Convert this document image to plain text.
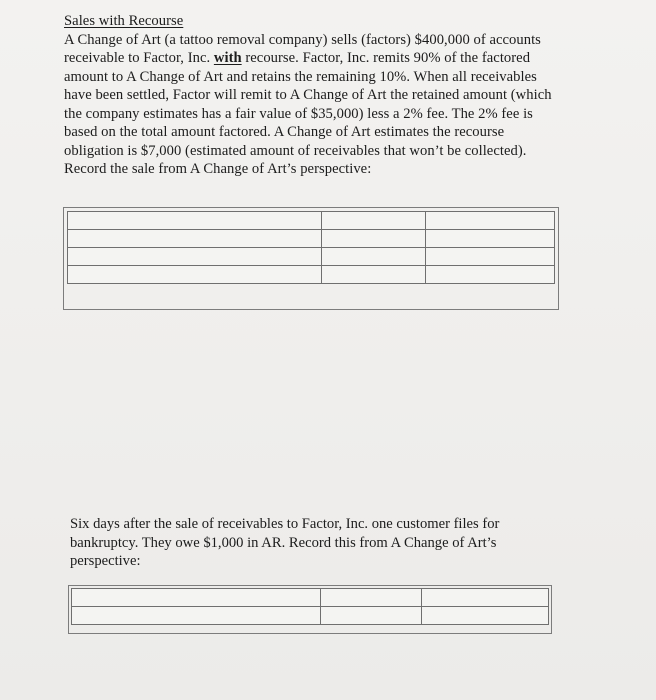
Sales with Recourse
A Change of Art (a tattoo removal company) sells (factors) $400,000 of accounts
receivable to Factor, Inc. with recourse. Factor, Inc. remits 90% of the factored
amount to A Change of Art and retains the remaining 10%. When all receivables
have been settled, Factor will remit to A Change of Art the retained amount (which
the company estimates has a fair value of $35,000) less a 2% fee. The 2% fee is
based on the total amount factored. A Change of Art estimates the recourse
obligation is $7,000 (estimated amount of receivables that won’t be collected).
Record the sale from A Change of Art’s perspective:

Six days after the sale of receivables to Factor, Inc. one customer files for
bankruptcy. They owe $1,000 in AR. Record this from A Change of Art’s
perspective:
